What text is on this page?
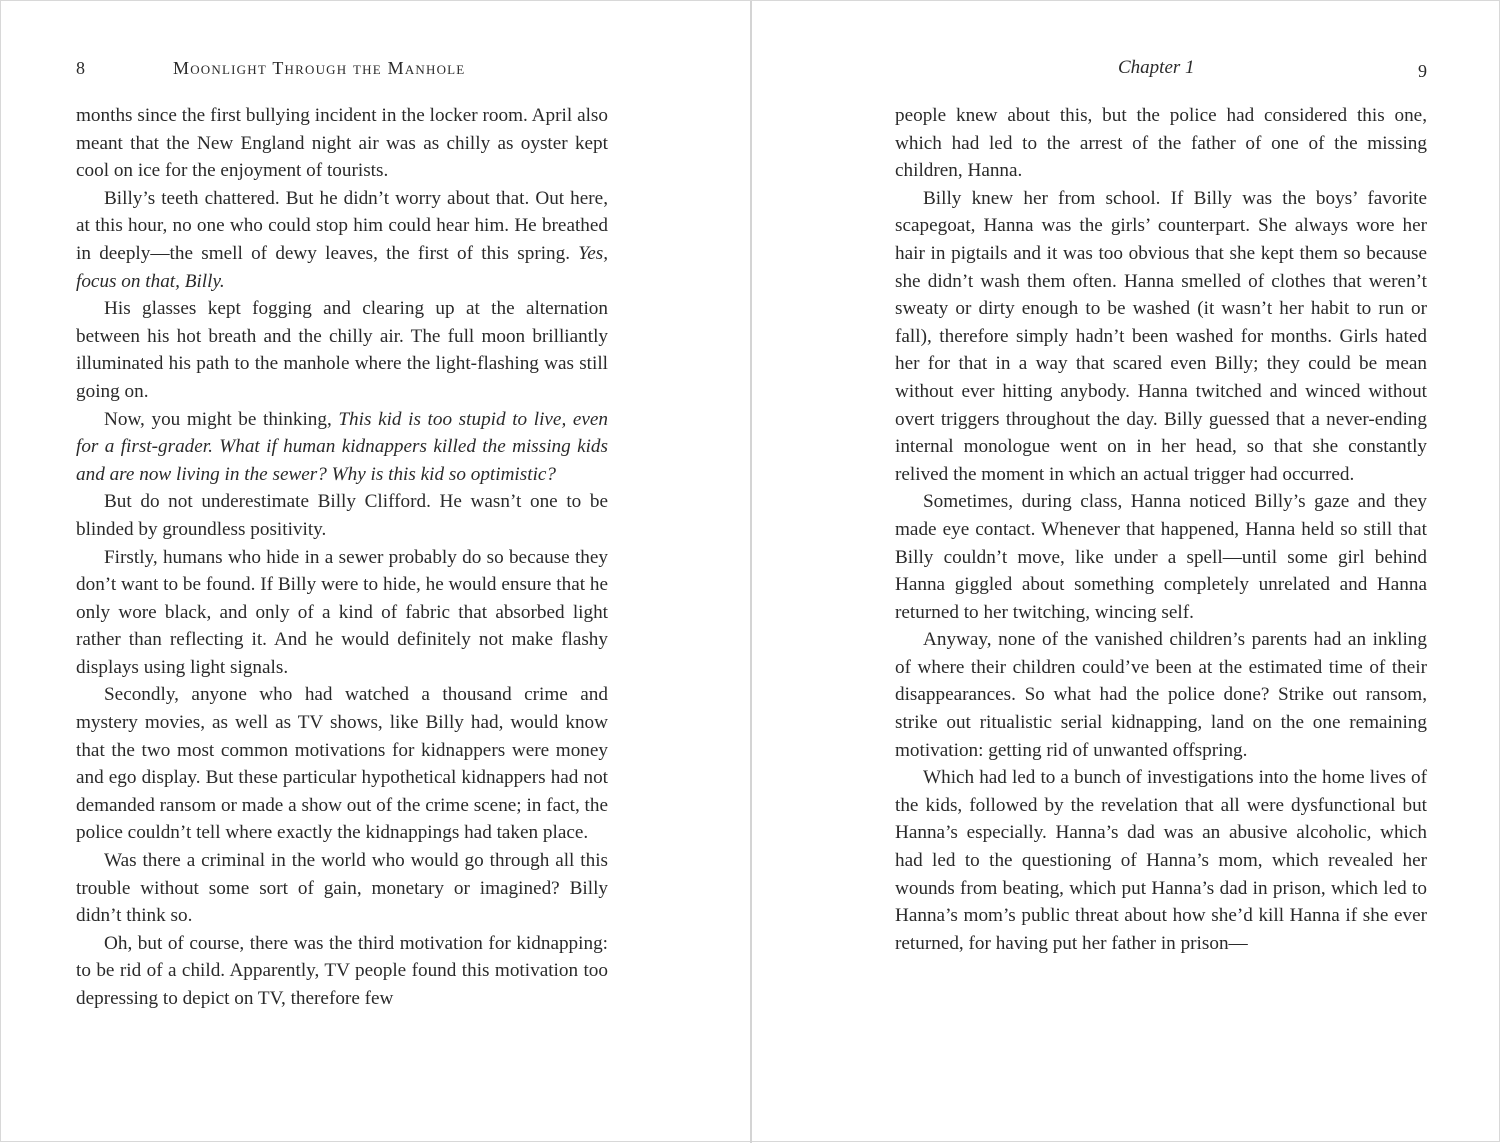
8	Moonlight Through the Manhole

months since the first bullying incident in the locker room. April also meant that the New England night air was as chilly as oyster kept cool on ice for the enjoyment of tourists.

Billy’s teeth chattered. But he didn’t worry about that. Out here, at this hour, no one who could stop him could hear him. He breathed in deeply—the smell of dewy leaves, the first of this spring. Yes, focus on that, Billy.

His glasses kept fogging and clearing up at the alternation between his hot breath and the chilly air. The full moon brilliantly illuminated his path to the manhole where the light-flashing was still going on.

Now, you might be thinking, This kid is too stupid to live, even for a first-grader. What if human kidnappers killed the missing kids and are now living in the sewer? Why is this kid so optimistic?

But do not underestimate Billy Clifford. He wasn’t one to be blinded by groundless positivity.

Firstly, humans who hide in a sewer probably do so because they don’t want to be found. If Billy were to hide, he would ensure that he only wore black, and only of a kind of fabric that absorbed light rather than reflecting it. And he would definitely not make flashy displays using light signals.

Secondly, anyone who had watched a thousand crime and mystery movies, as well as TV shows, like Billy had, would know that the two most common motivations for kidnappers were money and ego display. But these particular hypothetical kidnappers had not demanded ransom or made a show out of the crime scene; in fact, the police couldn’t tell where exactly the kidnappings had taken place.

Was there a criminal in the world who would go through all this trouble without some sort of gain, monetary or imagined? Billy didn’t think so.

Oh, but of course, there was the third motivation for kidnapping: to be rid of a child. Apparently, TV people found this motivation too depressing to depict on TV, therefore few

Chapter 1	9

people knew about this, but the police had considered this one, which had led to the arrest of the father of one of the missing children, Hanna.

Billy knew her from school. If Billy was the boys’ favorite scapegoat, Hanna was the girls’ counterpart. She always wore her hair in pigtails and it was too obvious that she kept them so because she didn’t wash them often. Hanna smelled of clothes that weren’t sweaty or dirty enough to be washed (it wasn’t her habit to run or fall), therefore simply hadn’t been washed for months. Girls hated her for that in a way that scared even Billy; they could be mean without ever hitting anybody. Hanna twitched and winced without overt triggers throughout the day. Billy guessed that a never-ending internal monologue went on in her head, so that she constantly relived the moment in which an actual trigger had occurred.

Sometimes, during class, Hanna noticed Billy’s gaze and they made eye contact. Whenever that happened, Hanna held so still that Billy couldn’t move, like under a spell—until some girl behind Hanna giggled about something completely unrelated and Hanna returned to her twitching, wincing self.

Anyway, none of the vanished children’s parents had an inkling of where their children could’ve been at the estimated time of their disappearances. So what had the police done? Strike out ransom, strike out ritualistic serial kidnapping, land on the one remaining motivation: getting rid of unwanted offspring.

Which had led to a bunch of investigations into the home lives of the kids, followed by the revelation that all were dysfunctional but Hanna’s especially. Hanna’s dad was an abusive alcoholic, which had led to the questioning of Hanna’s mom, which revealed her wounds from beating, which put Hanna’s dad in prison, which led to Hanna’s mom’s public threat about how she’d kill Hanna if she ever returned, for having put her father in prison—
